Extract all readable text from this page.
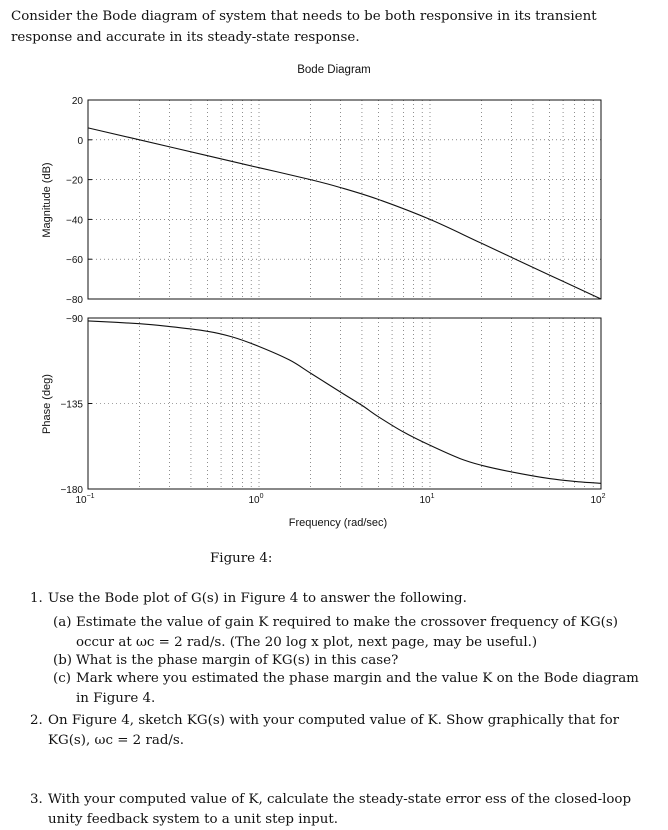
Consider the Bode diagram of system that needs to be both responsive in its transient response and accurate in its steady-state response.
Bode Diagram
20
0
−20
−40
−60
−80
−90
−135
−180
$10^{-1}$	$10^0$	$10^1$	$10^2$
Magnitude (dB)
Phase (deg)
Frequency (rad/sec)
Figure 4:
1. Use the Bode plot of G(s) in Figure 4 to answer the following.
(a) Estimate the value of gain K required to make the crossover frequency of KG(s) occur at ωc = 2 rad/s. (The 20 log x plot, next page, may be useful.)
(b) What is the phase margin of KG(s) in this case?
(c) Mark where you estimated the phase margin and the value K on the Bode diagram in Figure 4.
2. On Figure 4, sketch KG(s) with your computed value of K. Show graphically that for KG(s), ωc = 2 rad/s.
3. With your computed value of K, calculate the steady-state error ess of the closed-loop unity feedback system to a unit step input.
